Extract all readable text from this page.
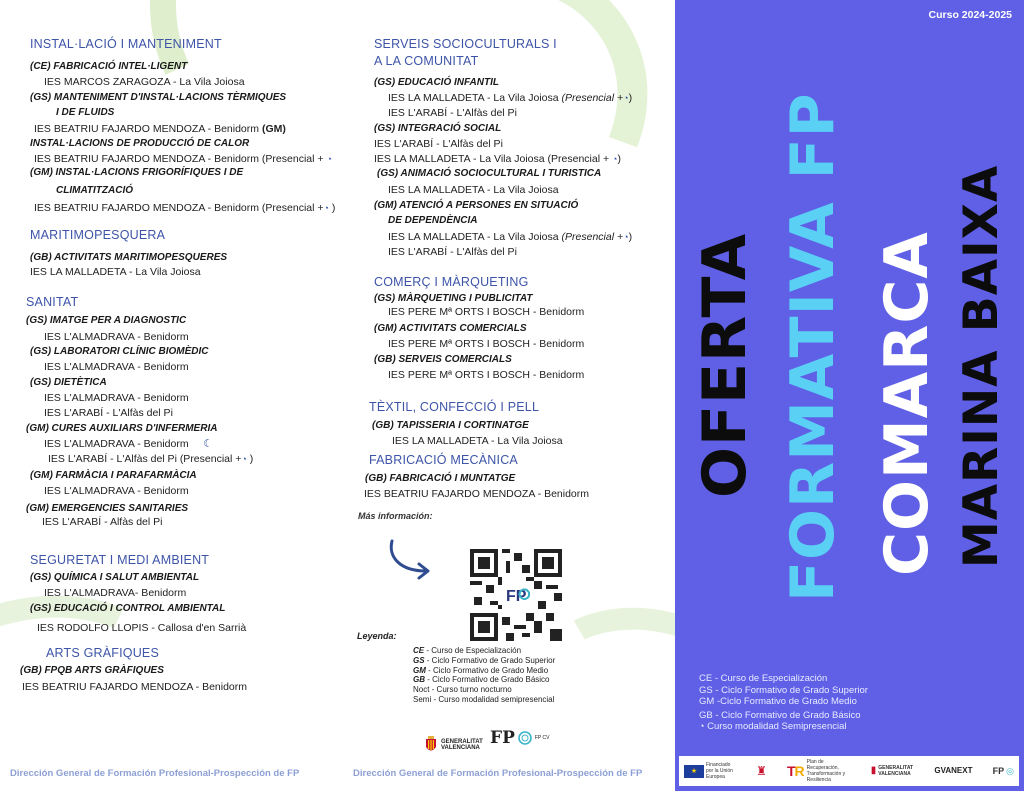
INSTAL·LACIÓ I MANTENIMENT
(CE) FABRICACIÓ INTEL·LIGENT
IES MARCOS ZARAGOZA - La Vila Joiosa
(GS) MANTENIMENT D'INSTAL·LACIONS TÈRMIQUES
I DE FLUIDS
IES BEATRIU FAJARDO MENDOZA - Benidorm (GM)
INSTAL·LACIONS DE PRODUCCIÓ DE CALOR
IES BEATRIU FAJARDO MENDOZA - Benidorm (Presencial + ◔
(GM) INSTAL·LACIONS FRIGORÍFIQUES I DE
CLIMATITZACIÓ
IES BEATRIU FAJARDO MENDOZA - Benidorm (Presencial +◔ )
MARITIMOPESQUERA
(GB) ACTIVITATS MARITIMOPESQUERES
IES LA MALLADETA - La Vila Joiosa
SANITAT
(GS) IMATGE PER A DIAGNOSTIC
IES L'ALMADRAVA - Benidorm
(GS) LABORATORI CLÍNIC BIOMÈDIC
IES L'ALMADRAVA - Benidorm
(GS) DIETÈTICA
IES L'ALMADRAVA - Benidorm
IES L'ARABÍ - L'Alfàs del Pi
(GM) CURES AUXILIARS D'INFERMERIA
IES L'ALMADRAVA - Benidorm ☾
IES L'ARABÍ - L'Alfàs del Pi (Presencial +◔ )
(GM) FARMÀCIA I PARAFARMÀCIA
IES L'ALMADRAVA - Benidorm
(GM) EMERGENCIES SANITARIES
IES L'ARABÍ - Alfàs del Pi
SEGURETAT I MEDI AMBIENT
(GS) QUÍMICA I SALUT AMBIENTAL
IES L'ALMADRAVA- Benidorm
(GS) EDUCACIÓ I CONTROL AMBIENTAL
IES RODOLFO LLOPIS - Callosa d'en Sarrià
ARTS GRÀFIQUES
(GB) FPQB ARTS GRÀFIQUES
IES BEATRIU FAJARDO MENDOZA - Benidorm
SERVEIS SOCIOCULTURALS I
A LA COMUNITAT
(GS) EDUCACIÓ INFANTIL
IES LA MALLADETA - La Vila Joiosa (Presencial +◔)
IES L'ARABÍ - L'Alfàs del Pi
(GS) INTEGRACIÓ SOCIAL
IES L'ARABÍ - L'Alfàs del Pi
IES LA MALLADETA - La Vila Joiosa (Presencial + ◔)
(GS) ANIMACIÓ SOCIOCULTURAL I TURISTICA
IES LA MALLADETA - La Vila Joiosa
(GM) ATENCIÓ A PERSONES EN SITUACIÓ
DE DEPENDÈNCIA
IES LA MALLADETA - La Vila Joiosa (Presencial +◔)
IES L'ARABÍ - L'Alfàs del Pi
COMERÇ I MÀRQUETING
(GS) MÀRQUETING I PUBLICITAT
IES PERE Mª ORTS I BOSCH - Benidorm
(GM) ACTIVITATS COMERCIALS
IES PERE Mª ORTS I BOSCH - Benidorm
(GB) SERVEIS COMERCIALS
IES PERE Mª ORTS I BOSCH - Benidorm
TÈXTIL, CONFECCIÓ I PELL
(GB) TAPISSERIA I CORTINATGE
IES LA MALLADETA - La Vila Joiosa
FABRICACIÓ MECÀNICA
(GB) FABRICACIÓ I MUNTATGE
IES BEATRIU FAJARDO MENDOZA - Benidorm
Más información:
FP
Leyenda:
CE - Curso de Especialización
GS - Ciclo Formativo de Grado Superior
GM - Ciclo Formativo de Grado Medio
GB - Ciclo Formativo de Grado Básico
Noct - Curso turno nocturno
Semi - Curso modalidad semipresencial
GENERALITAT VALENCIANA FP	FP CV
Dirección General de Formación Profesional-Prospección de FP	Dirección General de Formación Profesional-Prospección de FP
Curso 2024-2025
OFERTA FORMATIVA FP COMARCA MARINA BAIXA
CE - Curso de Especialización
GS - Ciclo Formativo de Grado Superior
GM -Ciclo Formativo de Grado Medio
GB - Ciclo Formativo de Grado Básico
◔ Curso modalidad Semipresencial
★
Financiado por la Unión Europea	♜ T R
Plan de Recuperación, Transformación y Resiliencia
▮ GENERALITAT VALENCIANA	GVANEXT FP ◎
